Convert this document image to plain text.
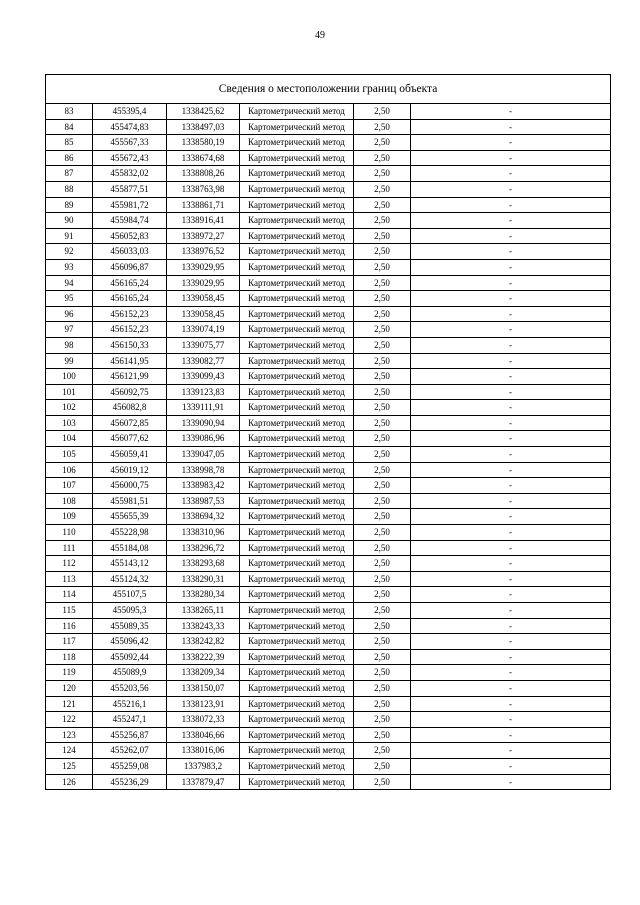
49
Сведения о местоположении границ объекта					
83	455395,4	1338425,62	Картометрический метод	2,50	-
84	455474,83	1338497,03	Картометрический метод	2,50	-
85	455567,33	1338580,19	Картометрический метод	2,50	-
86	455672,43	1338674,68	Картометрический метод	2,50	-
87	455832,02	1338808,26	Картометрический метод	2,50	-
88	455877,51	1338763,98	Картометрический метод	2,50	-
89	455981,72	1338861,71	Картометрический метод	2,50	-
90	455984,74	1338916,41	Картометрический метод	2,50	-
91	456052,83	1338972,27	Картометрический метод	2,50	-
92	456033,03	1338976,52	Картометрический метод	2,50	-
93	456096,87	1339029,95	Картометрический метод	2,50	-
94	456165,24	1339029,95	Картометрический метод	2,50	-
95	456165,24	1339058,45	Картометрический метод	2,50	-
96	456152,23	1339058,45	Картометрический метод	2,50	-
97	456152,23	1339074,19	Картометрический метод	2,50	-
98	456150,33	1339075,77	Картометрический метод	2,50	-
99	456141,95	1339082,77	Картометрический метод	2,50	-
100	456121,99	1339099,43	Картометрический метод	2,50	-
101	456092,75	1339123,83	Картометрический метод	2,50	-
102	456082,8	1339111,91	Картометрический метод	2,50	-
103	456072,85	1339090,94	Картометрический метод	2,50	-
104	456077,62	1339086,96	Картометрический метод	2,50	-
105	456059,41	1339047,05	Картометрический метод	2,50	-
106	456019,12	1338998,78	Картометрический метод	2,50	-
107	456000,75	1338983,42	Картометрический метод	2,50	-
108	455981,51	1338987,53	Картометрический метод	2,50	-
109	455655,39	1338694,32	Картометрический метод	2,50	-
110	455228,98	1338310,96	Картометрический метод	2,50	-
111	455184,08	1338296,72	Картометрический метод	2,50	-
112	455143,12	1338293,68	Картометрический метод	2,50	-
113	455124,32	1338290,31	Картометрический метод	2,50	-
114	455107,5	1338280,34	Картометрический метод	2,50	-
115	455095,3	1338265,11	Картометрический метод	2,50	-
116	455089,35	1338243,33	Картометрический метод	2,50	-
117	455096,42	1338242,82	Картометрический метод	2,50	-
118	455092,44	1338222,39	Картометрический метод	2,50	-
119	455089,9	1338209,34	Картометрический метод	2,50	-
120	455203,56	1338150,07	Картометрический метод	2,50	-
121	455216,1	1338123,91	Картометрический метод	2,50	-
122	455247,1	1338072,33	Картометрический метод	2,50	-
123	455256,87	1338046,66	Картометрический метод	2,50	-
124	455262,07	1338016,06	Картометрический метод	2,50	-
125	455259,08	1337983,2	Картометрический метод	2,50	-
126	455236,29	1337879,47	Картометрический метод	2,50	-
